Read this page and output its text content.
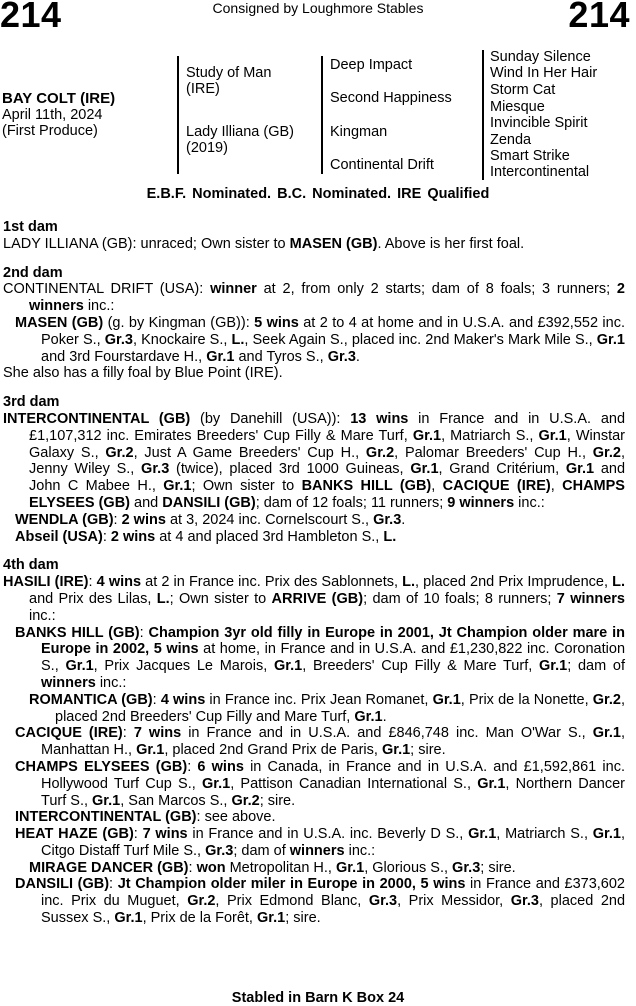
214	Consigned by Loughmore Stables	214
BAY COLT (IRE)
April 11th, 2024
(First Produce)
Study of Man
(IRE)
Lady Illiana (GB)
(2019)
Deep Impact
Second Happiness
Kingman
Continental Drift
Sunday Silence
Wind In Her Hair
Storm Cat
Miesque
Invincible Spirit
Zenda
Smart Strike
Intercontinental
E.B.F. Nominated. B.C. Nominated. IRE Qualified
1st dam
LADY ILLIANA (GB): unraced; Own sister to MASEN (GB). Above is her first foal.
2nd dam
CONTINENTAL DRIFT (USA): winner at 2, from only 2 starts; dam of 8 foals; 3 runners; 2 winners inc.:
MASEN (GB) (g. by Kingman (GB)): 5 wins at 2 to 4 at home and in U.S.A. and £392,552 inc. Poker S., Gr.3, Knockaire S., L., Seek Again S., placed inc. 2nd Maker's Mark Mile S., Gr.1 and 3rd Fourstardave H., Gr.1 and Tyros S., Gr.3.
She also has a filly foal by Blue Point (IRE).
3rd dam
INTERCONTINENTAL (GB) (by Danehill (USA)): 13 wins in France and in U.S.A. and £1,107,312 inc. Emirates Breeders' Cup Filly & Mare Turf, Gr.1, Matriarch S., Gr.1, Winstar Galaxy S., Gr.2, Just A Game Breeders' Cup H., Gr.2, Palomar Breeders' Cup H., Gr.2, Jenny Wiley S., Gr.3 (twice), placed 3rd 1000 Guineas, Gr.1, Grand Critérium, Gr.1 and John C Mabee H., Gr.1; Own sister to BANKS HILL (GB), CACIQUE (IRE), CHAMPS ELYSEES (GB) and DANSILI (GB); dam of 12 foals; 11 runners; 9 winners inc.:
WENDLA (GB): 2 wins at 3, 2024 inc. Cornelscourt S., Gr.3.
Abseil (USA): 2 wins at 4 and placed 3rd Hambleton S., L.
4th dam
HASILI (IRE): 4 wins at 2 in France inc. Prix des Sablonnets, L., placed 2nd Prix Imprudence, L. and Prix des Lilas, L.; Own sister to ARRIVE (GB); dam of 10 foals; 8 runners; 7 winners inc.:
BANKS HILL (GB): Champion 3yr old filly in Europe in 2001, Jt Champion older mare in Europe in 2002, 5 wins at home, in France and in U.S.A. and £1,230,822 inc. Coronation S., Gr.1, Prix Jacques Le Marois, Gr.1, Breeders' Cup Filly & Mare Turf, Gr.1; dam of winners inc.:
ROMANTICA (GB): 4 wins in France inc. Prix Jean Romanet, Gr.1, Prix de la Nonette, Gr.2, placed 2nd Breeders' Cup Filly and Mare Turf, Gr.1.
CACIQUE (IRE): 7 wins in France and in U.S.A. and £846,748 inc. Man O'War S., Gr.1, Manhattan H., Gr.1, placed 2nd Grand Prix de Paris, Gr.1; sire.
CHAMPS ELYSEES (GB): 6 wins in Canada, in France and in U.S.A. and £1,592,861 inc. Hollywood Turf Cup S., Gr.1, Pattison Canadian International S., Gr.1, Northern Dancer Turf S., Gr.1, San Marcos S., Gr.2; sire.
INTERCONTINENTAL (GB): see above.
HEAT HAZE (GB): 7 wins in France and in U.S.A. inc. Beverly D S., Gr.1, Matriarch S., Gr.1, Citgo Distaff Turf Mile S., Gr.3; dam of winners inc.:
MIRAGE DANCER (GB): won Metropolitan H., Gr.1, Glorious S., Gr.3; sire.
DANSILI (GB): Jt Champion older miler in Europe in 2000, 5 wins in France and £373,602 inc. Prix du Muguet, Gr.2, Prix Edmond Blanc, Gr.3, Prix Messidor, Gr.3, placed 2nd Sussex S., Gr.1, Prix de la Forêt, Gr.1; sire.
Stabled in Barn K Box 24
